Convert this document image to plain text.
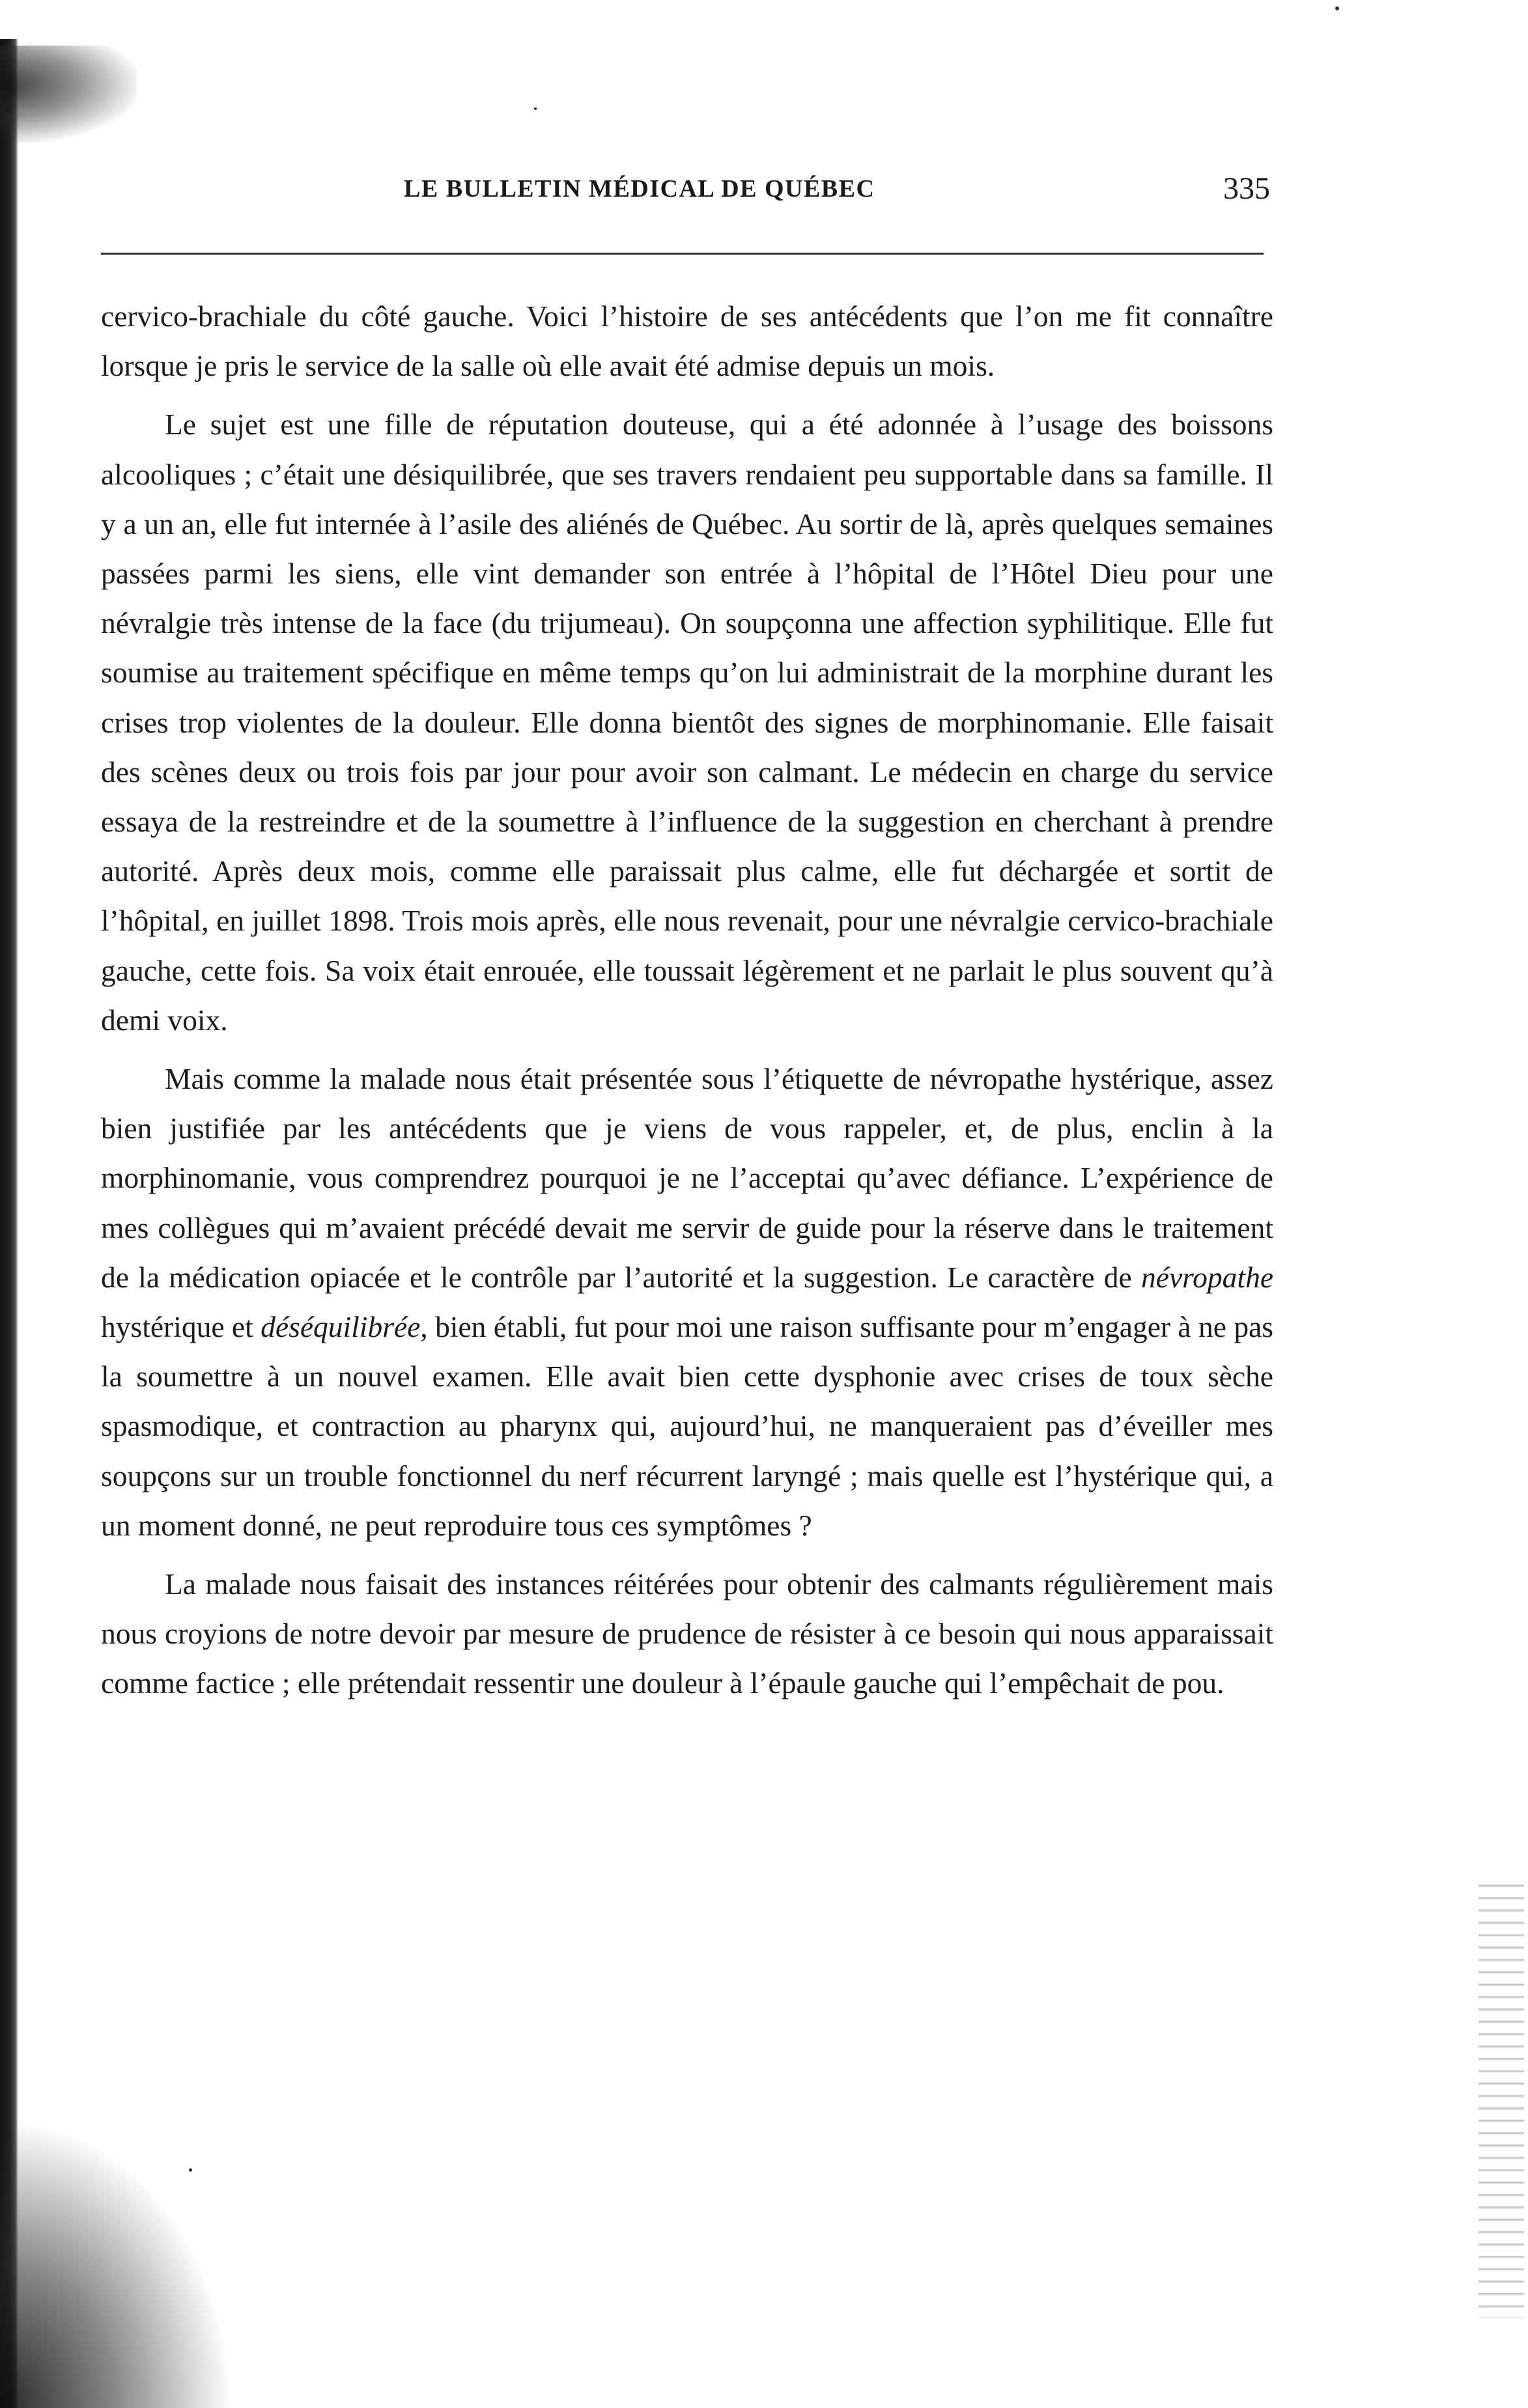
LE BULLETIN MÉDICAL DE QUÉBEC	335

cervico-brachiale du côté gauche. Voici l’histoire de ses antécédents que l’on me fit connaître lorsque je pris le service de la salle où elle avait été admise depuis un mois.

Le sujet est une fille de réputation douteuse, qui a été adonnée à l’usage des boissons alcooliques ; c’était une désiquilibrée, que ses travers rendaient peu supportable dans sa famille. Il y a un an, elle fut internée à l’asile des aliénés de Québec. Au sortir de là, après quelques semaines passées parmi les siens, elle vint demander son entrée à l’hôpital de l’Hôtel Dieu pour une névralgie très intense de la face (du trijumeau). On soupçonna une affection syphilitique. Elle fut soumise au traitement spécifique en même temps qu’on lui administrait de la morphine durant les crises trop violentes de la douleur. Elle donna bientôt des signes de morphinomanie. Elle faisait des scènes deux ou trois fois par jour pour avoir son calmant. Le médecin en charge du service essaya de la restreindre et de la soumettre à l’influence de la suggestion en cherchant à prendre autorité. Après deux mois, comme elle paraissait plus calme, elle fut déchargée et sortit de l’hôpital, en juillet 1898. Trois mois après, elle nous revenait, pour une névralgie cervico-brachiale gauche, cette fois. Sa voix était enrouée, elle toussait légèrement et ne parlait le plus souvent qu’à demi voix.

Mais comme la malade nous était présentée sous l’étiquette de névropathe hystérique, assez bien justifiée par les antécédents que je viens de vous rappeler, et, de plus, enclin à la morphinomanie, vous comprendrez pourquoi je ne l’acceptai qu’avec défiance. L’expérience de mes collègues qui m’avaient précédé devait me servir de guide pour la réserve dans le traitement de la médication opiacée et le contrôle par l’autorité et la suggestion. Le caractère de névropathe hystérique et déséquilibrée, bien établi, fut pour moi une raison suffisante pour m’engager à ne pas la soumettre à un nouvel examen. Elle avait bien cette dysphonie avec crises de toux sèche spasmodique, et contraction au pharynx qui, aujourd’hui, ne manqueraient pas d’éveiller mes soupçons sur un trouble fonctionnel du nerf récurrent laryngé ; mais quelle est l’hystérique qui, a un moment donné, ne peut reproduire tous ces symptômes ?

La malade nous faisait des instances réitérées pour obtenir des calmants régulièrement mais nous croyions de notre devoir par mesure de prudence de résister à ce besoin qui nous apparaissait comme factice ; elle prétendait ressentir une douleur à l’épaule gauche qui l’empêchait de pou.
